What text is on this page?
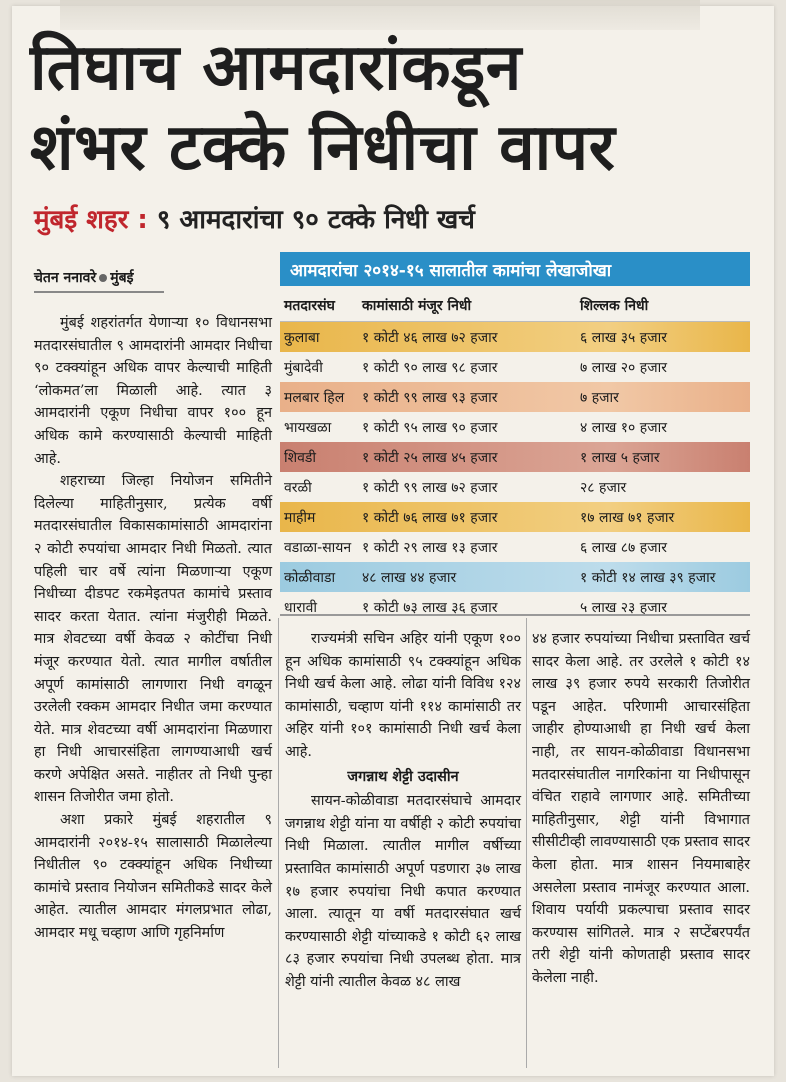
तिघाच आमदारांकडून
शंभर टक्के निधीचा वापर
मुंबई शहर : ९ आमदारांचा ९० टक्के निधी खर्च
चेतन ननावरे मुंबई	आमदारांचा २०१४-१५ सालातील कामांचा लेखाजोखा
मतदारसंघ	कामांसाठी मंजूर निधी	शिल्लक निधी
कुलाबा	१ कोटी ४६ लाख ७२ हजार	६ लाख ३५ हजार
मुंबादेवी	१ कोटी ९० लाख ९८ हजार	७ लाख २० हजार
मलबार हिल	१ कोटी ९९ लाख ९३ हजार	७ हजार
भायखळा	१ कोटी ९५ लाख ९० हजार	४ लाख १० हजार
शिवडी	१ कोटी २५ लाख ४५ हजार	१ लाख ५ हजार
वरळी	१ कोटी ९९ लाख ७२ हजार	२८ हजार
माहीम	१ कोटी ७६ लाख ७१ हजार	१७ लाख ७१ हजार
वडाळा-सायन १ कोटी २९ लाख १३ हजार	६ लाख ८७ हजार
कोळीवाडा	४८ लाख ४४ हजार	१ कोटी १४ लाख ३९ हजार
धारावी	१ कोटी ७३ लाख ३६ हजार	५ लाख २३ हजार

मुंबई शहरांतर्गत येणाऱ्या १० विधानसभा मतदारसंघातील ९ आमदारांनी आमदार निधीचा ९० टक्क्यांहून अधिक वापर केल्याची माहिती ‘लोकमत’ला मिळाली आहे. त्यात ३ आमदारांनी एकूण निधीचा वापर १०० हून अधिक कामे करण्यासाठी केल्याची माहिती आहे.

शहराच्या जिल्हा नियोजन समितीने दिलेल्या माहितीनुसार, प्रत्येक वर्षी मतदारसंघातील विकासकामांसाठी आमदारांना २ कोटी रुपयांचा आमदार निधी मिळतो. त्यात पहिली चार वर्षे त्यांना मिळणाऱ्या एकूण निधीच्या दीडपट रकमेइतपत कामांचे प्रस्ताव सादर करता येतात. त्यांना मंजुरीही मिळते. मात्र शेवटच्या वर्षी केवळ २ कोटींचा निधी मंजूर करण्यात येतो. त्यात मागील वर्षातील अपूर्ण कामांसाठी लागणारा निधी वगळून उरलेली रक्कम आमदार निधीत जमा करण्यात येते. मात्र शेवटच्या वर्षी आमदारांना मिळणारा हा निधी आचारसंहिता लागण्याआधी खर्च करणे अपेक्षित असते. नाहीतर तो निधी पुन्हा शासन तिजोरीत जमा होतो.

अशा प्रकारे मुंबई शहरातील ९ आमदारांनी २०१४-१५ सालासाठी मिळालेल्या निधीतील ९० टक्क्यांहून अधिक निधीच्या कामांचे प्रस्ताव नियोजन समितीकडे सादर केले आहेत. त्यातील आमदार मंगलप्रभात लोढा, आमदार मधू चव्हाण आणि गृहनिर्माण

राज्यमंत्री सचिन अहिर यांनी एकूण १०० हून अधिक कामांसाठी ९५ टक्क्यांहून अधिक निधी खर्च केला आहे. लोढा यांनी विविध १२४ कामांसाठी, चव्हाण यांनी ११४ कामांसाठी तर अहिर यांनी १०१ कामांसाठी निधी खर्च केला आहे.

जगन्नाथ शेट्टी उदासीन

सायन-कोळीवाडा मतदारसंघाचे आमदार जगन्नाथ शेट्टी यांना या वर्षीही २ कोटी रुपयांचा निधी मिळाला. त्यातील मागील वर्षीच्या प्रस्तावित कामांसाठी अपूर्ण पडणारा ३७ लाख १७ हजार रुपयांचा निधी कपात करण्यात आला. त्यातून या वर्षी मतदारसंघात खर्च करण्यासाठी शेट्टी यांच्याकडे १ कोटी ६२ लाख ८३ हजार रुपयांचा निधी उपलब्ध होता. मात्र शेट्टी यांनी त्यातील केवळ ४८ लाख

४४ हजार रुपयांच्या निधीचा प्रस्तावित खर्च सादर केला आहे. तर उरलेले १ कोटी १४ लाख ३९ हजार रुपये सरकारी तिजोरीत पडून आहेत. परिणामी आचारसंहिता जाहीर होण्याआधी हा निधी खर्च केला नाही, तर सायन-कोळीवाडा विधानसभा मतदारसंघातील नागरिकांना या निधीपासून वंचित राहावे लागणार आहे. समितीच्या माहितीनुसार, शेट्टी यांनी विभागात सीसीटीव्ही लावण्यासाठी एक प्रस्ताव सादर केला होता. मात्र शासन नियमाबाहेर असलेला प्रस्ताव नामंजूर करण्यात आला. शिवाय पर्यायी प्रकल्पाचा प्रस्ताव सादर करण्यास सांगितले. मात्र २ सप्टेंबरपर्यंत तरी शेट्टी यांनी कोणताही प्रस्ताव सादर केलेला नाही.
